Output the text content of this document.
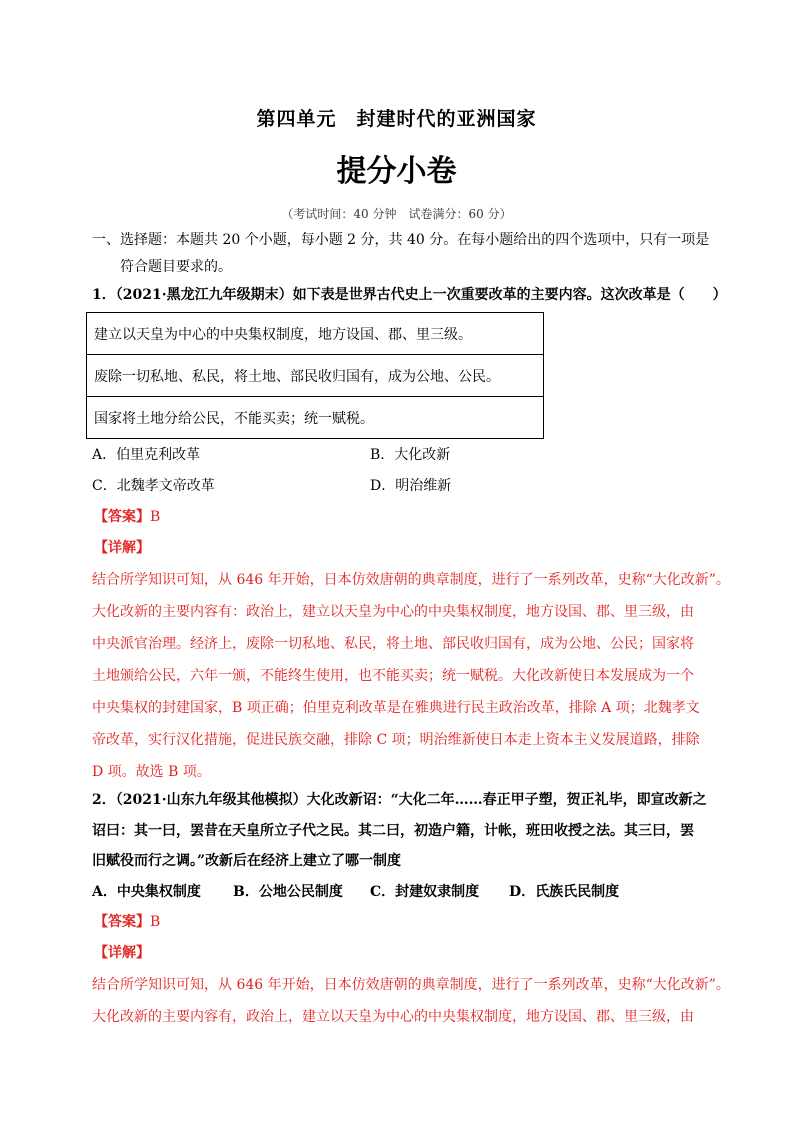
第四单元　封建时代的亚洲国家
提分小卷
（考试时间：40 分钟　试卷满分：60 分）
一、选择题：本题共 20 个小题，每小题 2 分，共 40 分。在每小题给出的四个选项中，只有一项是
符合题目要求的。
1．（2021·黑龙江九年级期末）如下表是世界古代史上一次重要改革的主要内容。这次改革是（　　）
建立以天皇为中心的中央集权制度，地方设国、郡、里三级。
废除一切私地、私民，将土地、部民收归国有，成为公地、公民。
国家将土地分给公民，不能买卖；统一赋税。
A．伯里克利改革	B．大化改新
C．北魏孝文帝改革	D．明治维新
【答案】B
【详解】
结合所学知识可知，从 646 年开始，日本仿效唐朝的典章制度，进行了一系列改革，史称“大化改新”。
大化改新的主要内容有：政治上，建立以天皇为中心的中央集权制度，地方设国、郡、里三级，由
中央派官治理。经济上，废除一切私地、私民，将土地、部民收归国有，成为公地、公民；国家将
土地颁给公民，六年一颁，不能终生使用，也不能买卖；统一赋税。大化改新使日本发展成为一个
中央集权的封建国家，B 项正确；伯里克利改革是在雅典进行民主政治改革，排除 A 项；北魏孝文
帝改革，实行汉化措施，促进民族交融，排除 C 项；明治维新使日本走上资本主义发展道路，排除
D 项。故选 B 项。
2．（2021·山东九年级其他模拟）大化改新诏：“大化二年……春正甲子塑，贺正礼毕，即宣改新之
诏曰：其一曰，罢昔在天皇所立子代之民。其二曰，初造户籍，计帐，班田收授之法。其三曰，罢
旧赋役而行之调。”改新后在经济上建立了哪一制度
A．中央集权制度 B．公地公民制度 C．封建奴隶制度 D．氏族氏民制度
【答案】B
【详解】
结合所学知识可知，从 646 年开始，日本仿效唐朝的典章制度，进行了一系列改革，史称“大化改新”。
大化改新的主要内容有，政治上，建立以天皇为中心的中央集权制度，地方设国、郡、里三级，由
